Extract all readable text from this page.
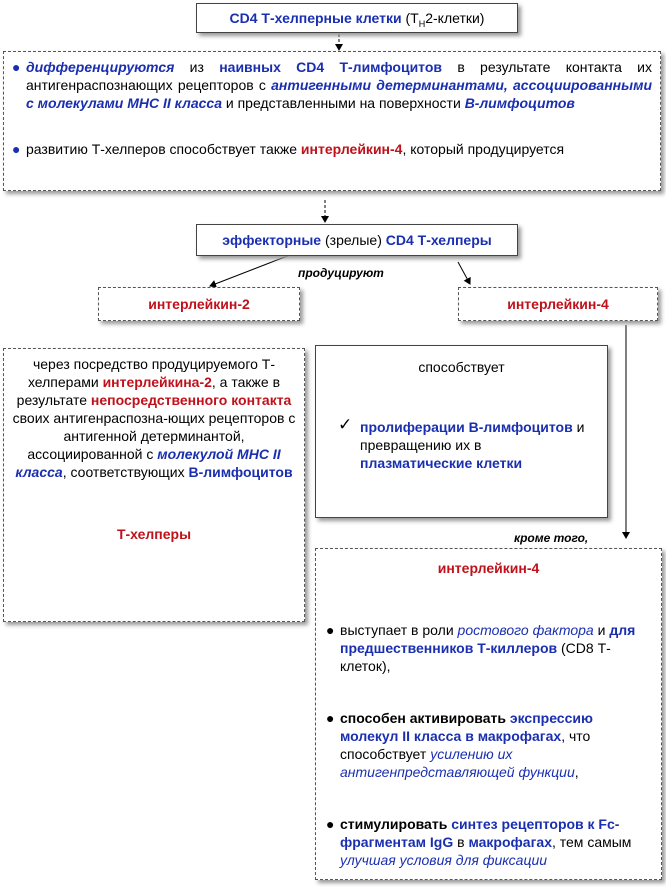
CD4 Т-хелперные клетки $(T_H2-клетки)$

● дифференцируются из наивных CD4 Т-лимфоцитов в результате контакта их антигенраспознающих рецепторов с антигенными детерминантами, ассоциированными с молекулами МНС II класса и представленными на поверхности В-лимфоцитов

● развитию Т-хелперов способствует также интерлейкин-4, который продуцируется

эффекторные (зрелые) CD4 Т-хелперы
продуцируют
интерлейкин-2	интерлейкин-4

через посредство продуцируемого Т-хелперами интерлейкина-2, а также в результате непосредственного контакта своих антигенраспозна-ющих рецепторов с антигенной детерминантой, ассоциированной с молекулой МНС II класса, соответствующих В-лимфоцитов

Т-хелперы

способствует

✓ пролиферации В-лимфоцитов и превращению их в плазматические клетки
кроме того,

интерлейкин-4

● выступает в роли ростового фактора и для предшественников Т-киллеров (CD8 Т-клеток),

● способен активировать экспрессию молекул II класса в макрофагах, что способствует усилению их антигенпредставляющей функции,

● стимулировать синтез рецепторов к Fc-фрагментам IgG в макрофагах, тем самым улучшая условия для фиксации
